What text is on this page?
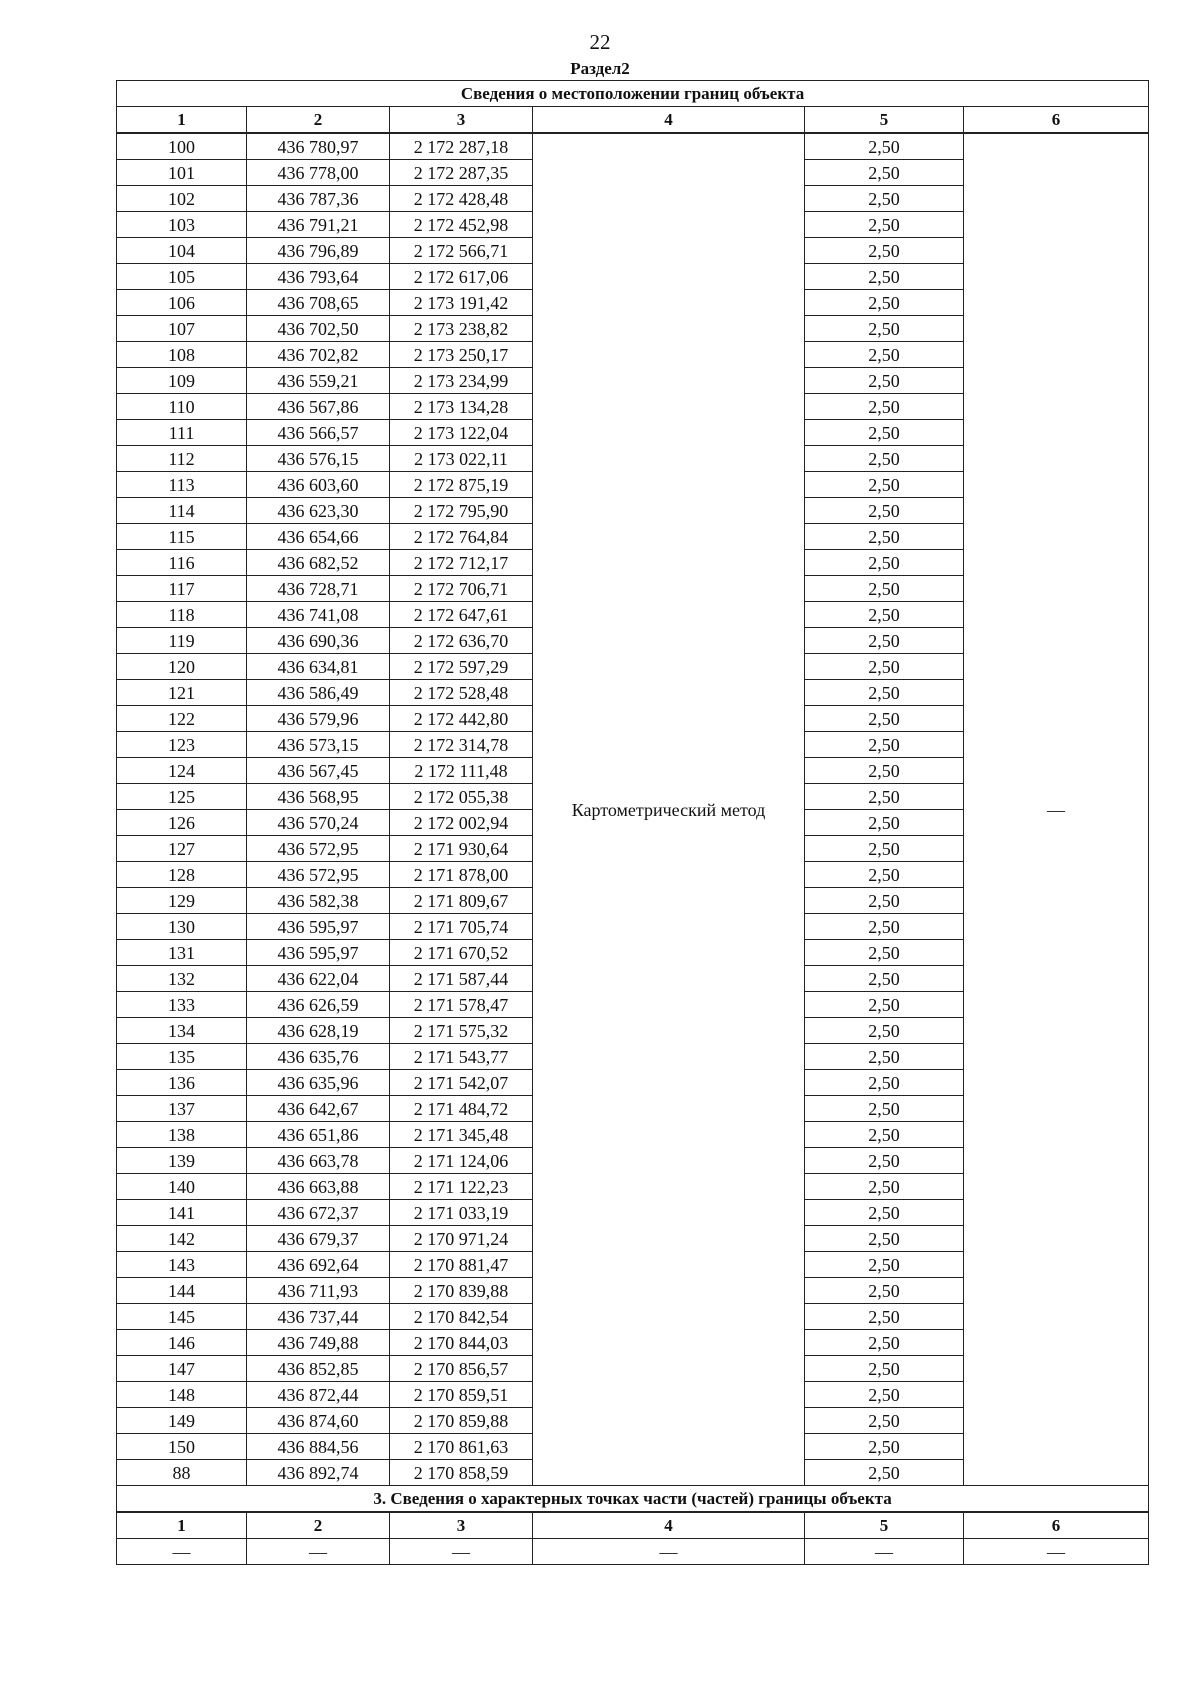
22
Раздел2
Сведения о местоположении границ объекта					
1	2	3	4	5	6
100	436 780,97	2 172 287,18	Картометрический метод	2,50	—
101	436 778,00	2 172 287,35		2,50	
102	436 787,36	2 172 428,48		2,50	
103	436 791,21	2 172 452,98		2,50	
104	436 796,89	2 172 566,71		2,50	
105	436 793,64	2 172 617,06		2,50	
106	436 708,65	2 173 191,42		2,50	
107	436 702,50	2 173 238,82		2,50	
108	436 702,82	2 173 250,17		2,50	
109	436 559,21	2 173 234,99		2,50	
110	436 567,86	2 173 134,28		2,50	
111	436 566,57	2 173 122,04		2,50	
112	436 576,15	2 173 022,11		2,50	
113	436 603,60	2 172 875,19		2,50	
114	436 623,30	2 172 795,90		2,50	
115	436 654,66	2 172 764,84		2,50	
116	436 682,52	2 172 712,17		2,50	
117	436 728,71	2 172 706,71		2,50	
118	436 741,08	2 172 647,61		2,50	
119	436 690,36	2 172 636,70		2,50	
120	436 634,81	2 172 597,29		2,50	
121	436 586,49	2 172 528,48		2,50	
122	436 579,96	2 172 442,80		2,50	
123	436 573,15	2 172 314,78		2,50	
124	436 567,45	2 172 111,48		2,50	
125	436 568,95	2 172 055,38		2,50	
126	436 570,24	2 172 002,94		2,50	
127	436 572,95	2 171 930,64		2,50	
128	436 572,95	2 171 878,00		2,50	
129	436 582,38	2 171 809,67		2,50	
130	436 595,97	2 171 705,74		2,50	
131	436 595,97	2 171 670,52		2,50	
132	436 622,04	2 171 587,44		2,50	
133	436 626,59	2 171 578,47		2,50	
134	436 628,19	2 171 575,32		2,50	
135	436 635,76	2 171 543,77		2,50	
136	436 635,96	2 171 542,07		2,50	
137	436 642,67	2 171 484,72		2,50	
138	436 651,86	2 171 345,48		2,50	
139	436 663,78	2 171 124,06		2,50	
140	436 663,88	2 171 122,23		2,50	
141	436 672,37	2 171 033,19		2,50	
142	436 679,37	2 170 971,24		2,50	
143	436 692,64	2 170 881,47		2,50	
144	436 711,93	2 170 839,88		2,50	
145	436 737,44	2 170 842,54		2,50	
146	436 749,88	2 170 844,03		2,50	
147	436 852,85	2 170 856,57		2,50	
148	436 872,44	2 170 859,51		2,50	
149	436 874,60	2 170 859,88		2,50	
150	436 884,56	2 170 861,63		2,50	
88	436 892,74	2 170 858,59		2,50	
3. Сведения о характерных точках части (частей) границы объекта					
1	2	3	4	5	6
—	—	—	—	—	—
